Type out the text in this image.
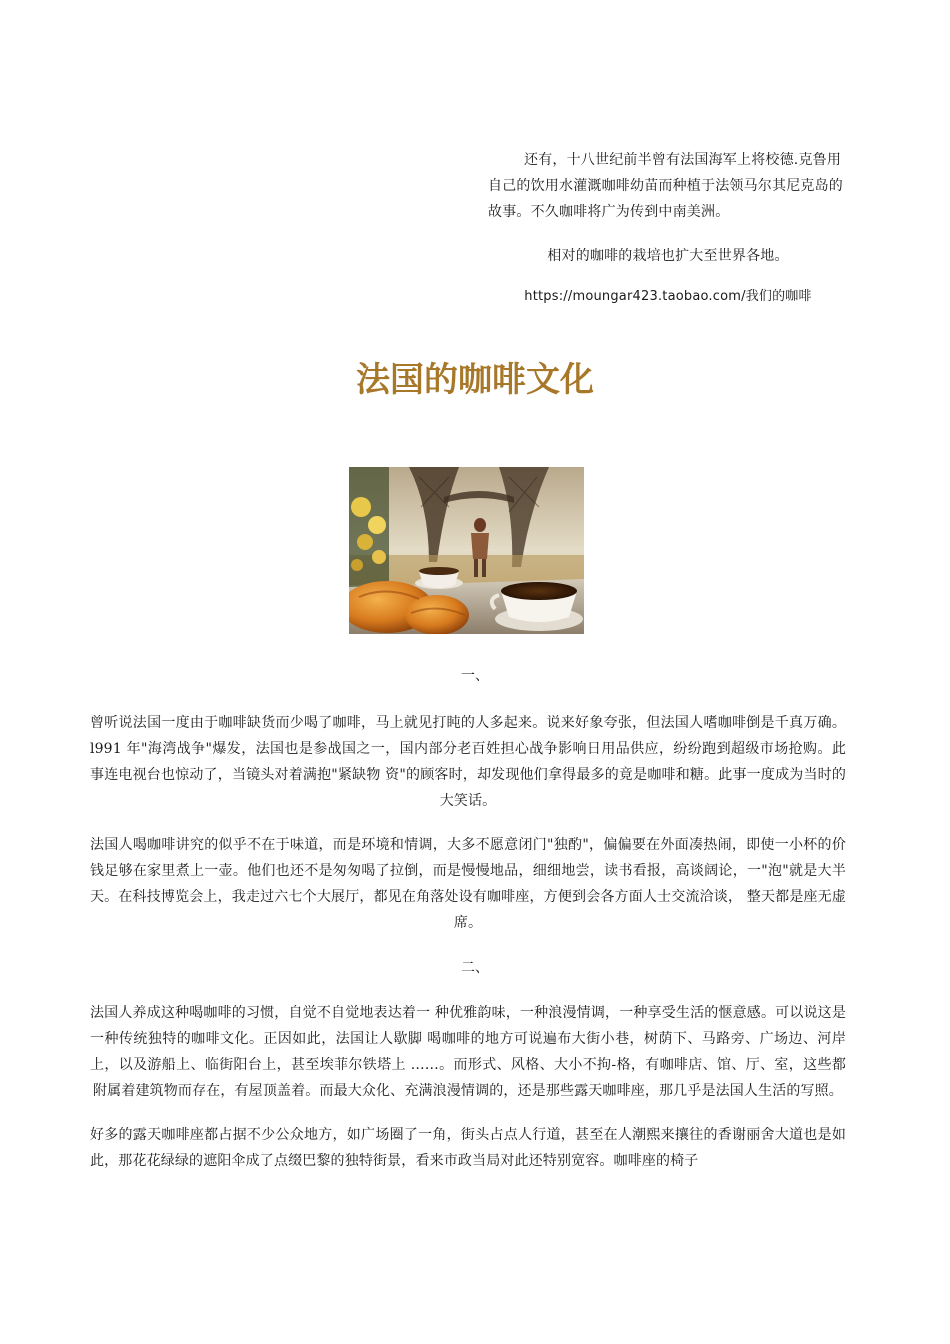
还有，十八世纪前半曾有法国海军上将校德.克鲁用自己的饮用水灌溉咖啡幼苗而种植于法领马尔其尼克岛的故事。不久咖啡将广为传到中南美洲。

相对的咖啡的栽培也扩大至世界各地。

https://moungar423.taobao.com/我们的咖啡

法国的咖啡文化
一、

曾听说法国一度由于咖啡缺货而少喝了咖啡，马上就见打盹的人多起来。说来好象夸张，但法国人嗜咖啡倒是千真万确。l991 年"海湾战争"爆发，法国也是参战国之一，国内部分老百姓担心战争影响日用品供应，纷纷跑到超级市场抢购。此事连电视台也惊动了，当镜头对着满抱"紧缺物 资"的顾客时，却发现他们拿得最多的竟是咖啡和糖。此事一度成为当时的大笑话。

法国人喝咖啡讲究的似乎不在于味道，而是环境和情调，大多不愿意闭门"独酌"，偏偏要在外面凑热闹，即使一小杯的价钱足够在家里煮上一壶。他们也还不是匆匆喝了拉倒，而是慢慢地品，细细地尝，读书看报，高谈阔论，一"泡"就是大半天。在科技博览会上，我走过六七个大展厅，都见在角落处设有咖啡座，方便到会各方面人士交流洽谈， 整天都是座无虚席。

二、

法国人养成这种喝咖啡的习惯，自觉不自觉地表达着一 种优雅韵味，一种浪漫情调，一种享受生活的惬意感。可以说这是一种传统独特的咖啡文化。正因如此，法国让人歇脚 喝咖啡的地方可说遍布大街小巷，树荫下、马路旁、广场边、河岸上，以及游船上、临街阳台上，甚至埃菲尔铁塔上 ……。而形式、风格、大小不拘-格，有咖啡店、馆、厅、室，这些都附属着建筑物而存在，有屋顶盖着。而最大众化、充满浪漫情调的，还是那些露天咖啡座，那几乎是法国人生活的写照。

好多的露天咖啡座都占据不少公众地方，如广场圈了一角，街头占点人行道，甚至在人潮熙来攘往的香谢丽舍大道也是如此，那花花绿绿的遮阳伞成了点缀巴黎的独特街景，看来市政当局对此还特别宽容。咖啡座的椅子
